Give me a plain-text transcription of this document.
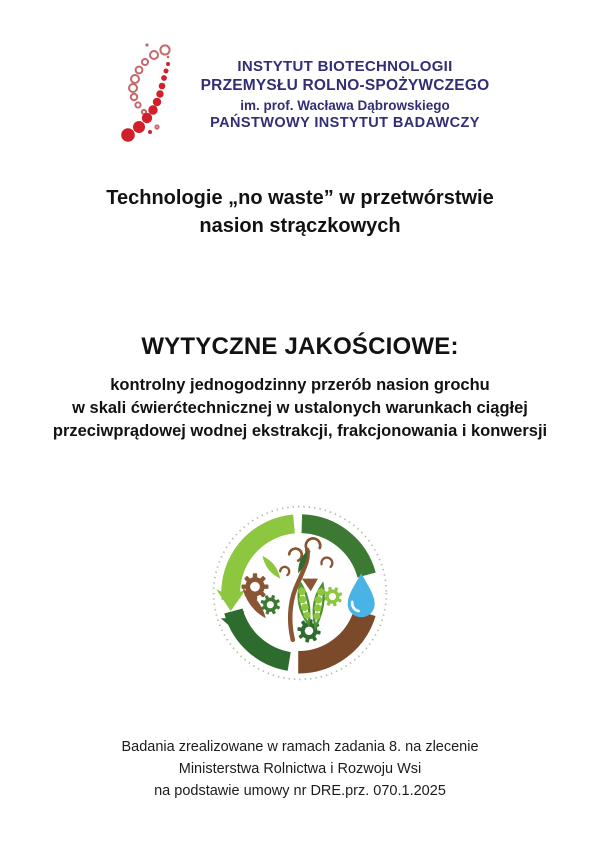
INSTYTUT BIOTECHNOLOGII
PRZEMYSŁU ROLNO-SPOŻYWCZEGO
im. prof. Wacława Dąbrowskiego
PAŃSTWOWY INSTYTUT BADAWCZY
Technologie „no waste” w przetwórstwie
nasion strączkowych
WYTYCZNE JAKOŚCIOWE:
kontrolny jednogodzinny przerób nasion grochu
w skali ćwierćtechnicznej w ustalonych warunkach ciągłej
przeciwprądowej wodnej ekstrakcji, frakcjonowania i konwersji
Badania zrealizowane w ramach zadania 8. na zlecenie
Ministerstwa Rolnictwa i Rozwoju Wsi
na podstawie umowy nr DRE.prz. 070.1.2025
